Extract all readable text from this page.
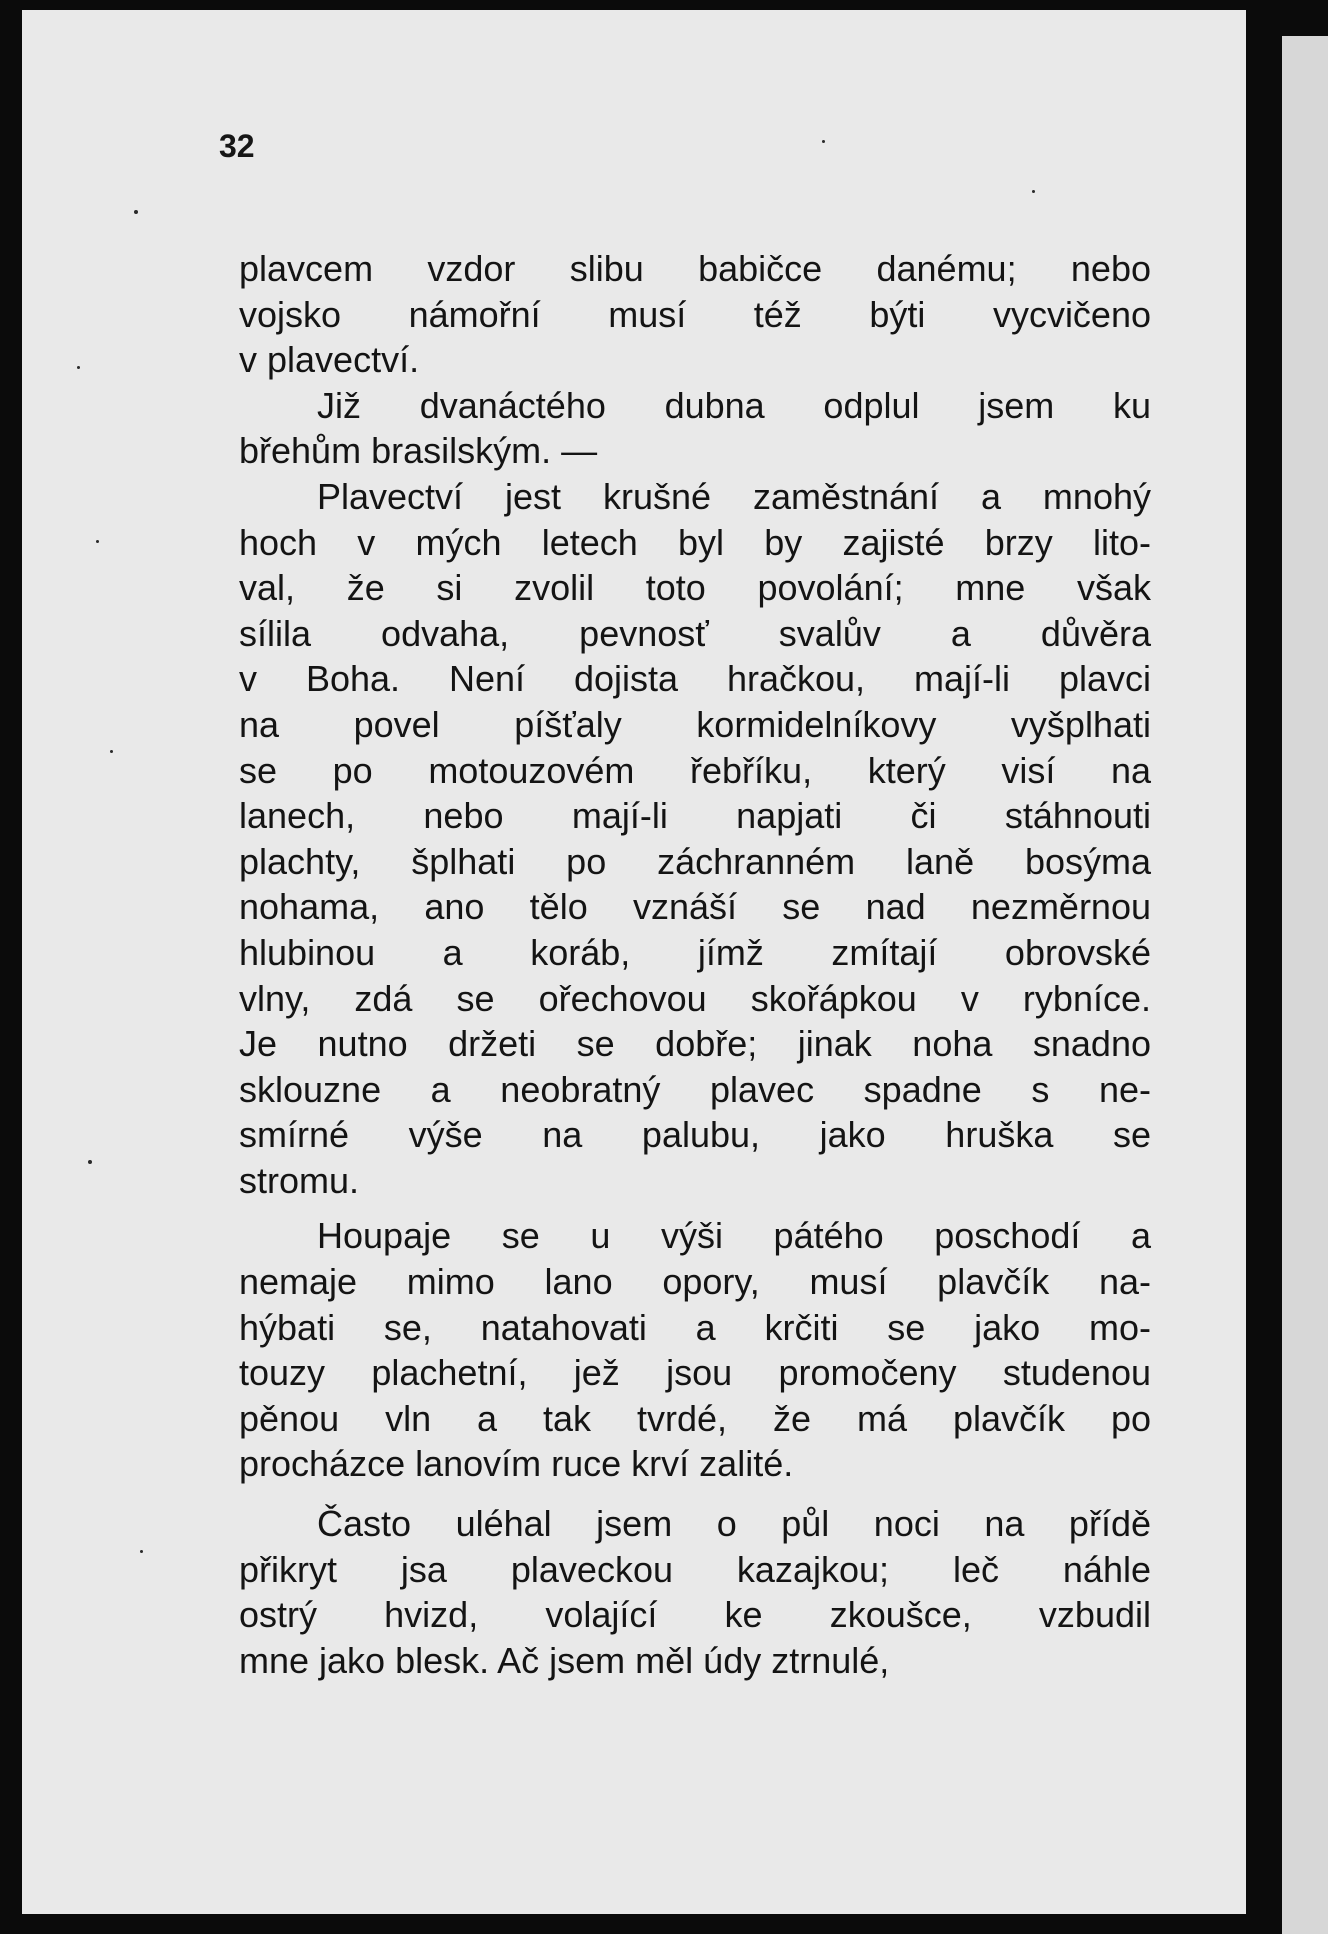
32
plavcem vzdor slibu babičce danému; nebo
vojsko námořní musí též býti vycvičeno
v plavectví.
Již dvanáctého dubna odplul jsem ku
břehům brasilským. —
Plavectví jest krušné zaměstnání a mnohý
hoch v mých letech byl by zajisté brzy lito-
val, že si zvolil toto povolání; mne však
sílila odvaha, pevnosť svalův a důvěra
v Boha. Není dojista hračkou, mají-li plavci
na povel píšťaly kormidelníkovy vyšplhati
se po motouzovém řebříku, který visí na
lanech, nebo mají-li napjati či stáhnouti
plachty, šplhati po záchranném laně bosýma
nohama, ano tělo vznáší se nad nezměrnou
hlubinou a koráb, jímž zmítají obrovské
vlny, zdá se ořechovou skořápkou v rybníce.
Je nutno držeti se dobře; jinak noha snadno
sklouzne a neobratný plavec spadne s ne-
smírné výše na palubu, jako hruška se
stromu.
Houpaje se u výši pátého poschodí a
nemaje mimo lano opory, musí plavčík na-
hýbati se, natahovati a krčiti se jako mo-
touzy plachetní, jež jsou promočeny studenou
pěnou vln a tak tvrdé, že má plavčík po
procházce lanovím ruce krví zalité.
Často uléhal jsem o půl noci na přídě
přikryt jsa plaveckou kazajkou; leč náhle
ostrý hvizd, volající ke zkoušce, vzbudil
mne jako blesk. Ač jsem měl údy ztrnulé,
